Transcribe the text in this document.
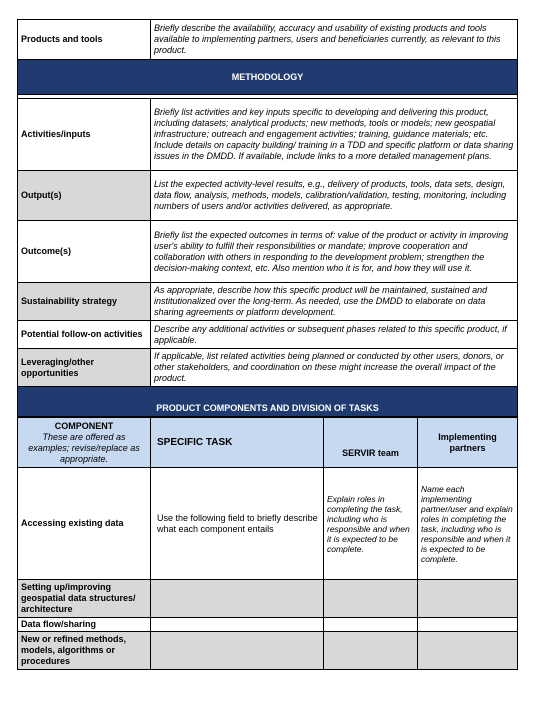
Products and tools	Briefly describe the availability, accuracy and usability of existing products and tools available to implementing partners, users and beneficiaries currently, as relevant to this product.
METHODOLOGY	

Activities/inputs	Briefly list activities and key inputs specific to developing and delivering this product, including datasets; analytical products; new methods, tools or models; new geospatial infrastructure; outreach and engagement activities; training, guidance materials; etc. Include details on capacity building/ training in a TDD and specific platform or data sharing issues in the DMDD. If available, include links to a more detailed management plans.
Output(s)	List the expected activity-level results, e.g., delivery of products, tools, data sets, design, data flow, analysis, methods, models, calibration/validation, testing, monitoring, including numbers of users and/or activities delivered, as appropriate.
Outcome(s)	Briefly list the expected outcomes in terms of: value of the product or activity in improving user's ability to fulfill their responsibilities or mandate; improve cooperation and collaboration with others in responding to the development problem; strengthen the decision-making context, etc. Also mention who it is for, and how they will use it.
Sustainability strategy	As appropriate, describe how this specific product will be maintained, sustained and institutionalized over the long-term. As needed, use the DMDD to elaborate on data sharing agreements or platform development.
Potential follow-on activities	Describe any additional activities or subsequent phases related to this specific product, if applicable.
Leveraging/other opportunities	If applicable, list related activities being planned or conducted by other users, donors, or other stakeholders, and coordination on these might increase the overall impact of the product.
PRODUCT COMPONENTS AND DIVISION OF TASKS	
COMPONENT
These are offered as examples; revise/replace as appropriate.	SPECIFIC TASK	SERVIR team	Implementing partners
Accessing existing data	Use the following field to briefly describe what each component entails	Explain roles in completing the task, including who is responsible and when it is expected to be complete.	Name each implementing partner/user and explain roles in completing the task, including who is responsible and when it is expected to be complete.
Setting up/improving geospatial data structures/ architecture			
Data flow/sharing			
New or refined methods, models, algorithms or procedures			
